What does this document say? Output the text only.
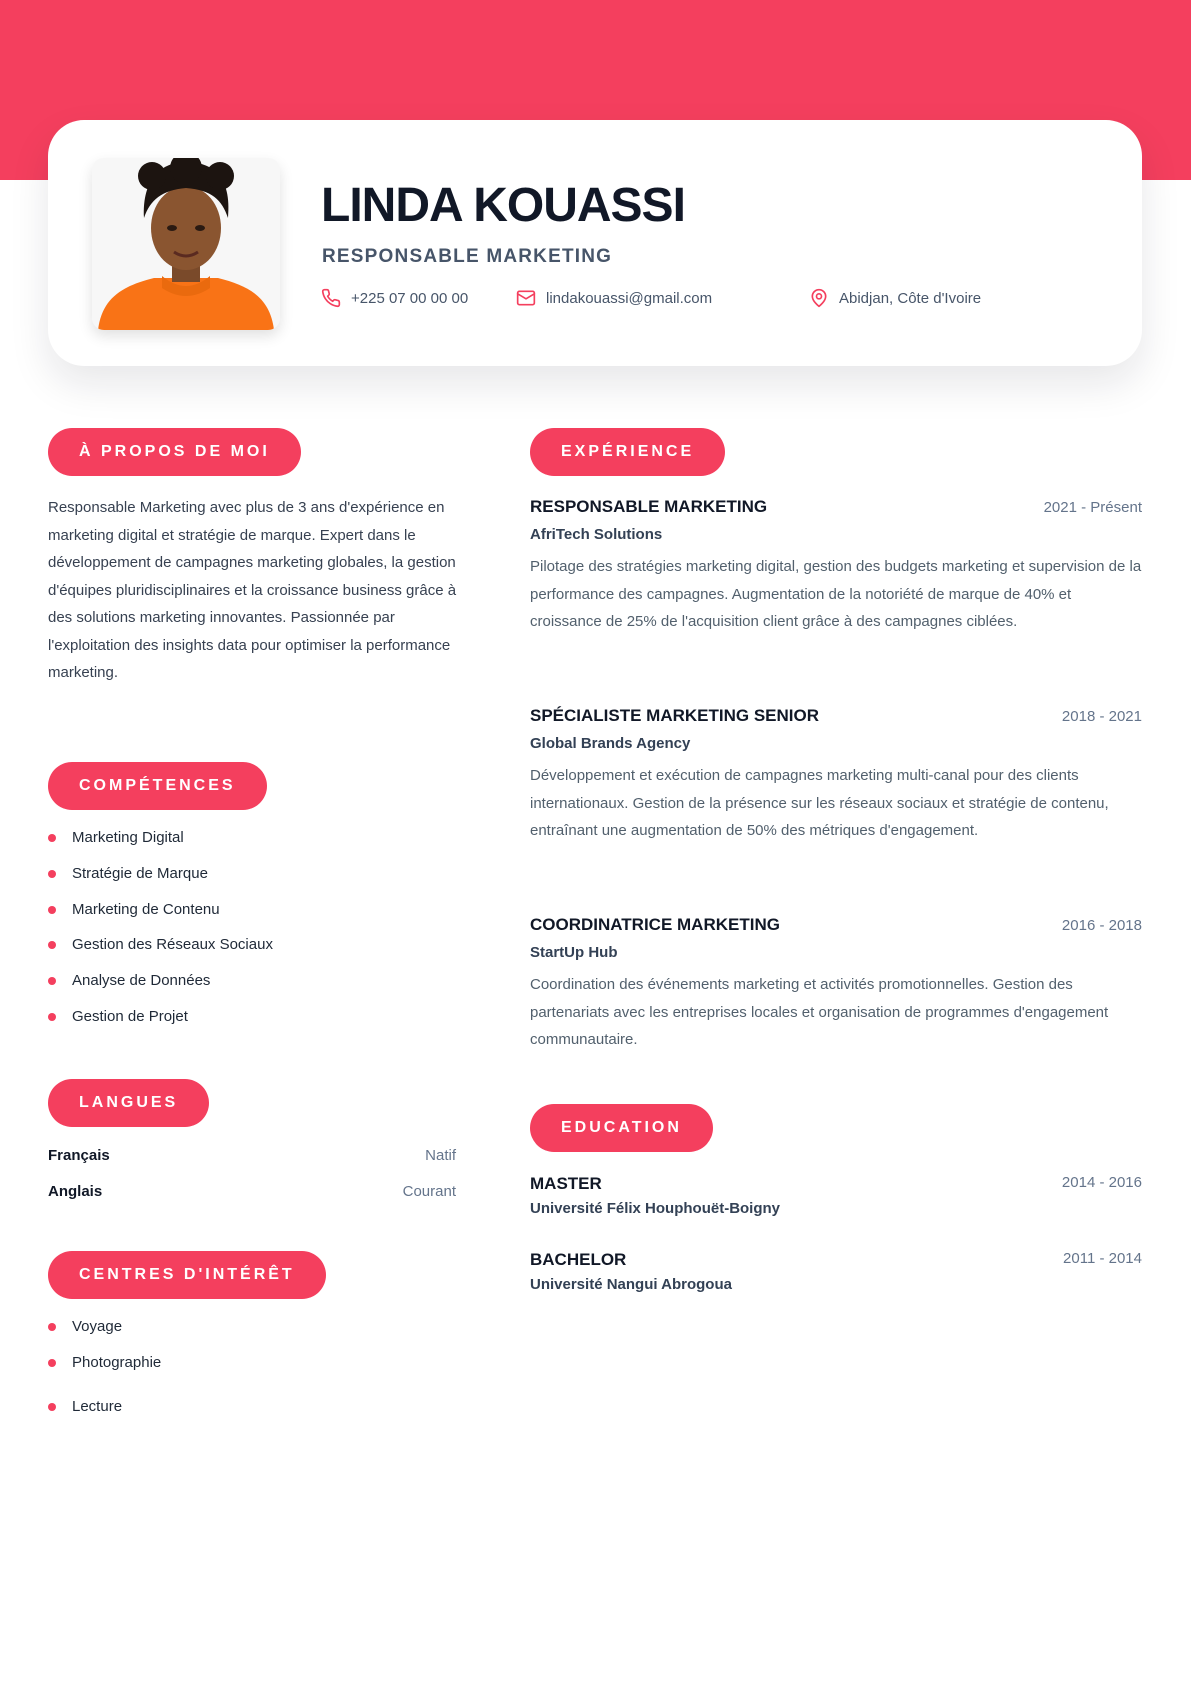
LINDA KOUASSI
RESPONSABLE MARKETING
+225 07 00 00 00	lindakouassi@gmail.com	Abidjan, Côte d'Ivoire
À PROPOS DE MOI

Responsable Marketing avec plus de 3 ans d'expérience en marketing digital et stratégie de marque. Expert dans le développement de campagnes marketing globales, la gestion d'équipes pluridisciplinaires et la croissance business grâce à des solutions marketing innovantes. Passionnée par l'exploitation des insights data pour optimiser la performance marketing.

COMPÉTENCES
Marketing Digital
Stratégie de Marque
Marketing de Contenu
Gestion des Réseaux Sociaux
Analyse de Données
Gestion de Projet
LANGUES
Français	Natif
Anglais	Courant
CENTRES D'INTÉRÊT
Voyage
Photographie
Lecture
EXPÉRIENCE
RESPONSABLE MARKETING	2021 - Présent
AfriTech Solutions

Pilotage des stratégies marketing digital, gestion des budgets marketing et supervision de la performance des campagnes. Augmentation de la notoriété de marque de 40% et croissance de 25% de l'acquisition client grâce à des campagnes ciblées.

SPÉCIALISTE MARKETING SENIOR	2018 - 2021
Global Brands Agency

Développement et exécution de campagnes marketing multi-canal pour des clients internationaux. Gestion de la présence sur les réseaux sociaux et stratégie de contenu, entraînant une augmentation de 50% des métriques d'engagement.

COORDINATRICE MARKETING	2016 - 2018
StartUp Hub

Coordination des événements marketing et activités promotionnelles. Gestion des partenariats avec les entreprises locales et organisation de programmes d'engagement communautaire.

EDUCATION
MASTER	2014 - 2016
Université Félix Houphouët-Boigny
BACHELOR	2011 - 2014
Université Nangui Abrogoua
